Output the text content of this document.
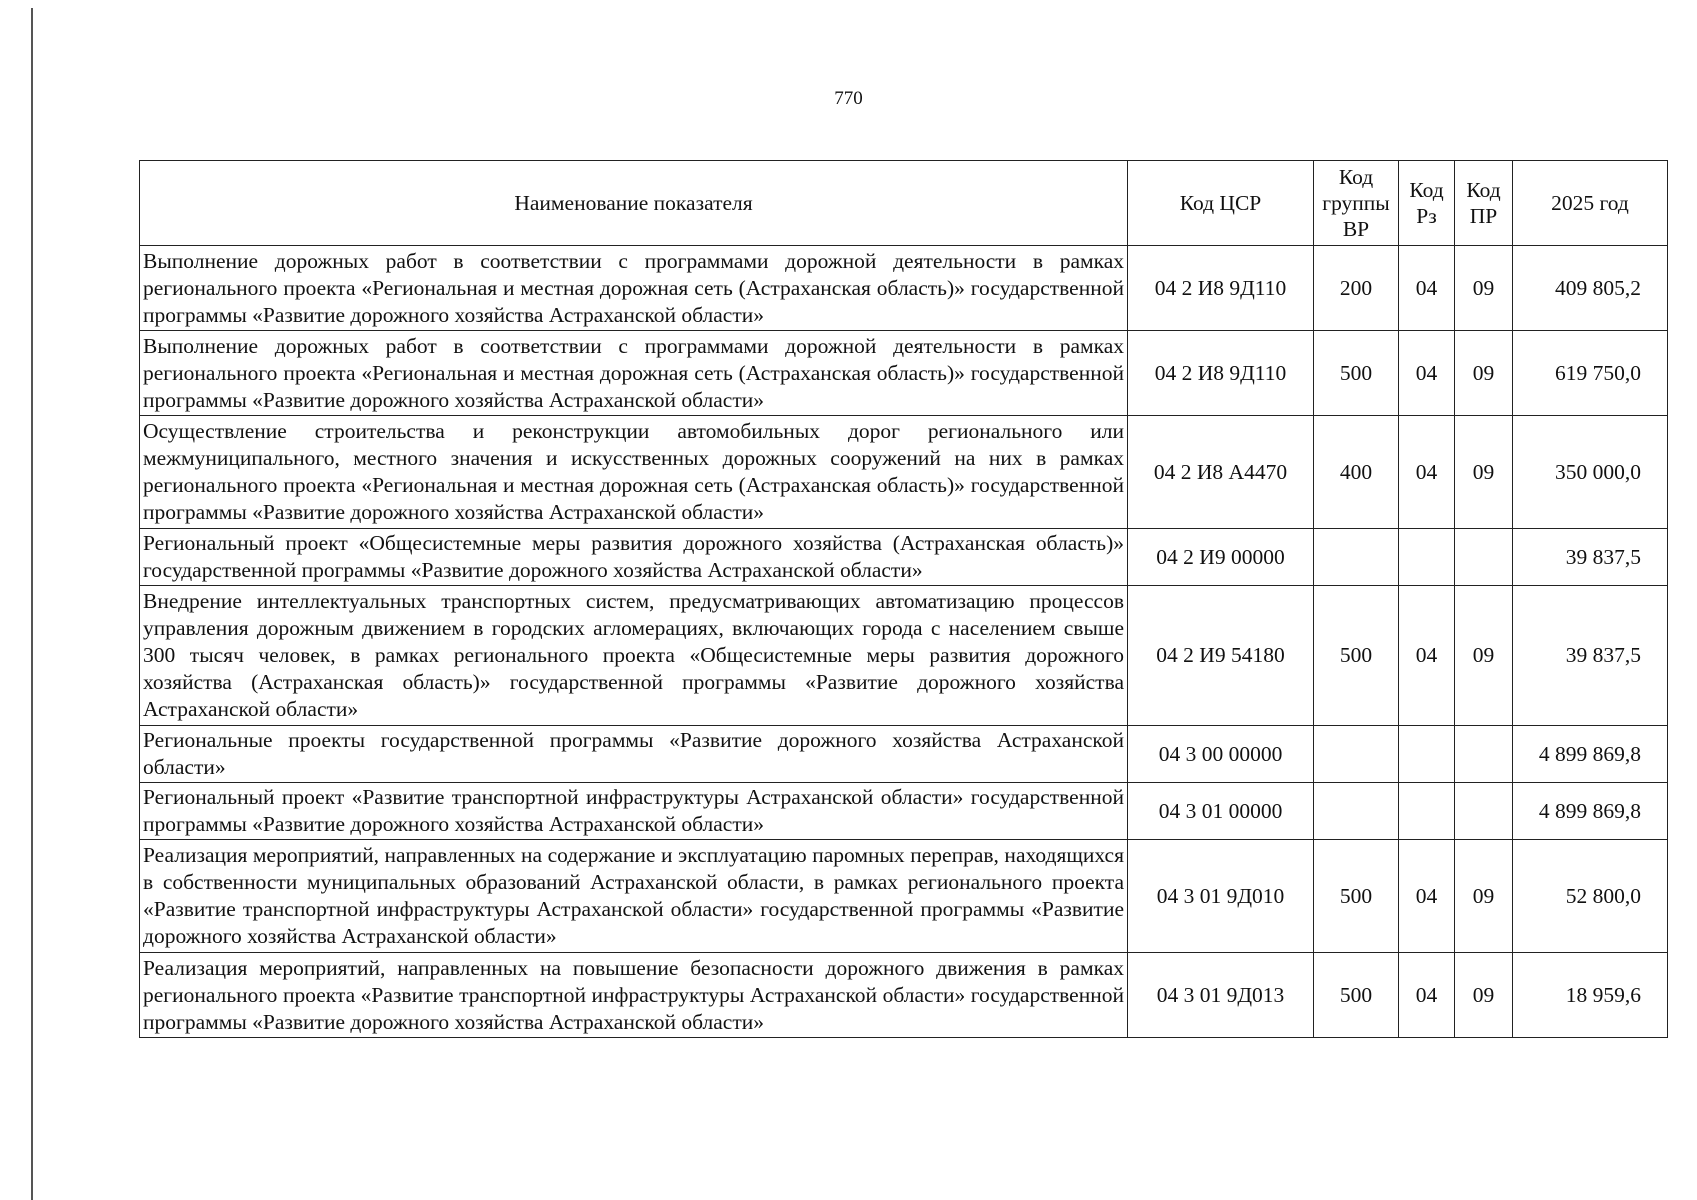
770
Наименование показателя	Код ЦСР	Код группы ВР	Код Рз	Код ПР	2025 год
Выполнение дорожных работ в соответствии с программами дорожной деятельности в рамках регионального проекта «Региональная и местная дорожная сеть (Астраханская область)» государственной программы «Развитие дорожного хозяйства Астраханской области»	04 2 И8 9Д110	200	04	09	409 805,2
Выполнение дорожных работ в соответствии с программами дорожной деятельности в рамках регионального проекта «Региональная и местная дорожная сеть (Астраханская область)» государственной программы «Развитие дорожного хозяйства Астраханской области»	04 2 И8 9Д110	500	04	09	619 750,0
Осуществление строительства и реконструкции автомобильных дорог регионального или межмуниципального, местного значения и искусственных дорожных сооружений на них в рамках регионального проекта «Региональная и местная дорожная сеть (Астраханская область)» государственной программы «Развитие дорожного хозяйства Астраханской области»	04 2 И8 А4470	400	04	09	350 000,0
Региональный проект «Общесистемные меры развития дорожного хозяйства (Астраханская область)» государственной программы «Развитие дорожного хозяйства Астраханской области»	04 2 И9 00000				39 837,5
Внедрение интеллектуальных транспортных систем, предусматривающих автоматизацию процессов управления дорожным движением в городских агломерациях, включающих города с населением свыше 300 тысяч человек, в рамках регионального проекта «Общесистемные меры развития дорожного хозяйства (Астраханская область)» государственной программы «Развитие дорожного хозяйства Астраханской области»	04 2 И9 54180	500	04	09	39 837,5
Региональные проекты государственной программы «Развитие дорожного хозяйства Астраханской области»	04 3 00 00000				4 899 869,8
Региональный проект «Развитие транспортной инфраструктуры Астраханской области» государственной программы «Развитие дорожного хозяйства Астраханской области»	04 3 01 00000				4 899 869,8
Реализация мероприятий, направленных на содержание и эксплуатацию паромных переправ, находящихся в собственности муниципальных образований Астраханской области, в рамках регионального проекта «Развитие транспортной инфраструктуры Астраханской области» государственной программы «Развитие дорожного хозяйства Астраханской области»	04 3 01 9Д010	500	04	09	52 800,0
Реализация мероприятий, направленных на повышение безопасности дорожного движения в рамках регионального проекта «Развитие транспортной инфраструктуры Астраханской области» государственной программы «Развитие дорожного хозяйства Астраханской области»	04 3 01 9Д013	500	04	09	18 959,6
